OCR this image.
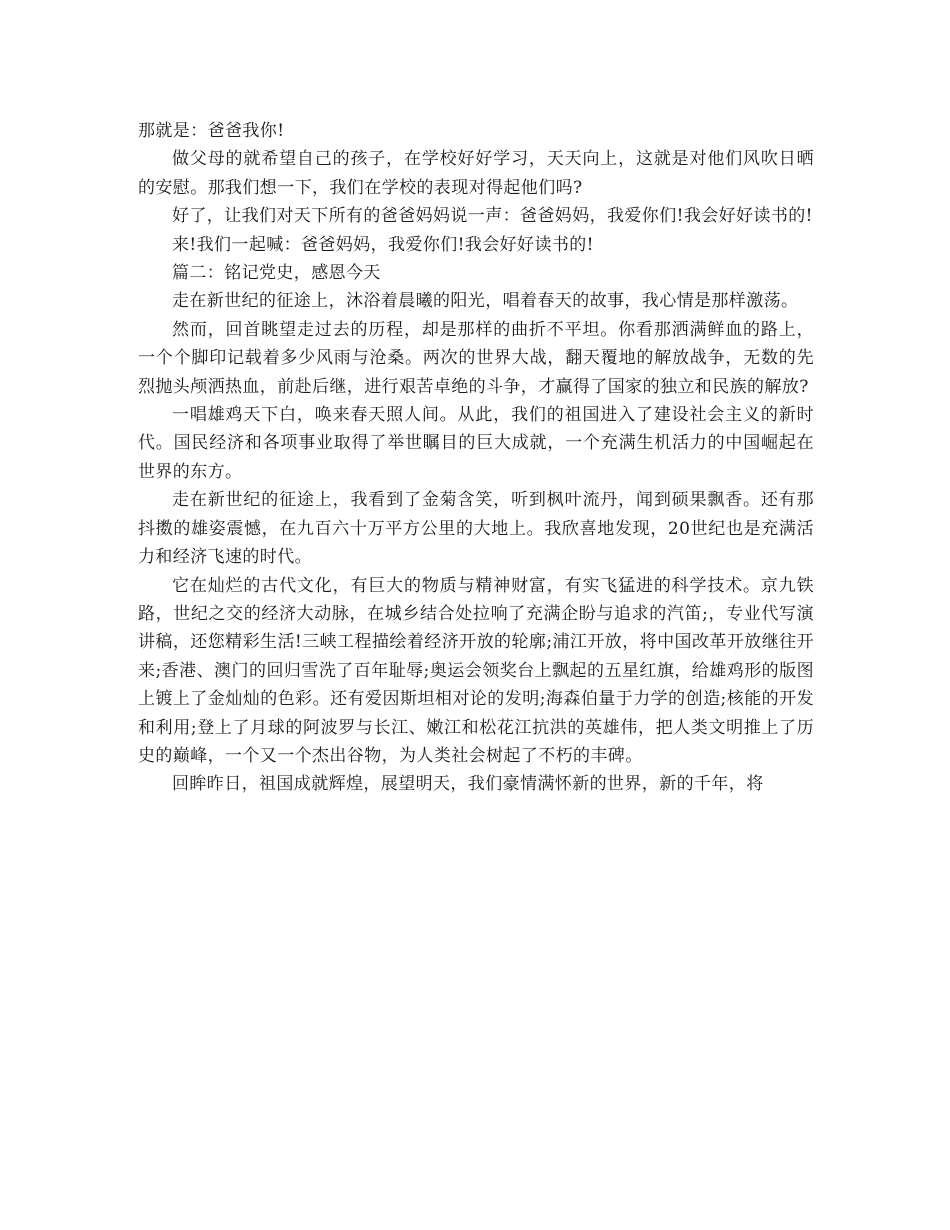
那就是：爸爸我你!

做父母的就希望自己的孩子，在学校好好学习，天天向上，这就是对他们风吹日晒的安慰。那我们想一下，我们在学校的表现对得起他们吗?

好了，让我们对天下所有的爸爸妈妈说一声：爸爸妈妈，我爱你们!我会好好读书的!

来!我们一起喊：爸爸妈妈，我爱你们!我会好好读书的!

篇二：铭记党史，感恩今天

走在新世纪的征途上，沐浴着晨曦的阳光，唱着春天的故事，我心情是那样激荡。

然而，回首眺望走过去的历程，却是那样的曲折不平坦。你看那洒满鲜血的路上，一个个脚印记载着多少风雨与沧桑。两次的世界大战，翻天覆地的解放战争，无数的先烈抛头颅洒热血，前赴后继，进行艰苦卓绝的斗争，才赢得了国家的独立和民族的解放?

一唱雄鸡天下白，唤来春天照人间。从此，我们的祖国进入了建设社会主义的新时代。国民经济和各项事业取得了举世瞩目的巨大成就，一个充满生机活力的中国崛起在世界的东方。

走在新世纪的征途上，我看到了金菊含笑，听到枫叶流丹，闻到硕果飘香。还有那抖擞的雄姿震憾，在九百六十万平方公里的大地上。我欣喜地发现，20世纪也是充满活力和经济飞速的时代。

它在灿烂的古代文化，有巨大的物质与精神财富，有实飞猛进的科学技术。京九铁路，世纪之交的经济大动脉，在城乡结合处拉响了充满企盼与追求的汽笛;，专业代写演讲稿，还您精彩生活!三峡工程描绘着经济开放的轮廓;浦江开放，将中国改革开放继往开来;香港、澳门的回归雪洗了百年耻辱;奥运会领奖台上飘起的五星红旗，给雄鸡形的版图上镀上了金灿灿的色彩。还有爱因斯坦相对论的发明;海森伯量于力学的创造;核能的开发和利用;登上了月球的阿波罗与长江、嫩江和松花江抗洪的英雄伟，把人类文明推上了历史的巅峰，一个又一个杰出谷物，为人类社会树起了不朽的丰碑。

回眸昨日，祖国成就辉煌，展望明天，我们豪情满怀新的世界，新的千年，将
